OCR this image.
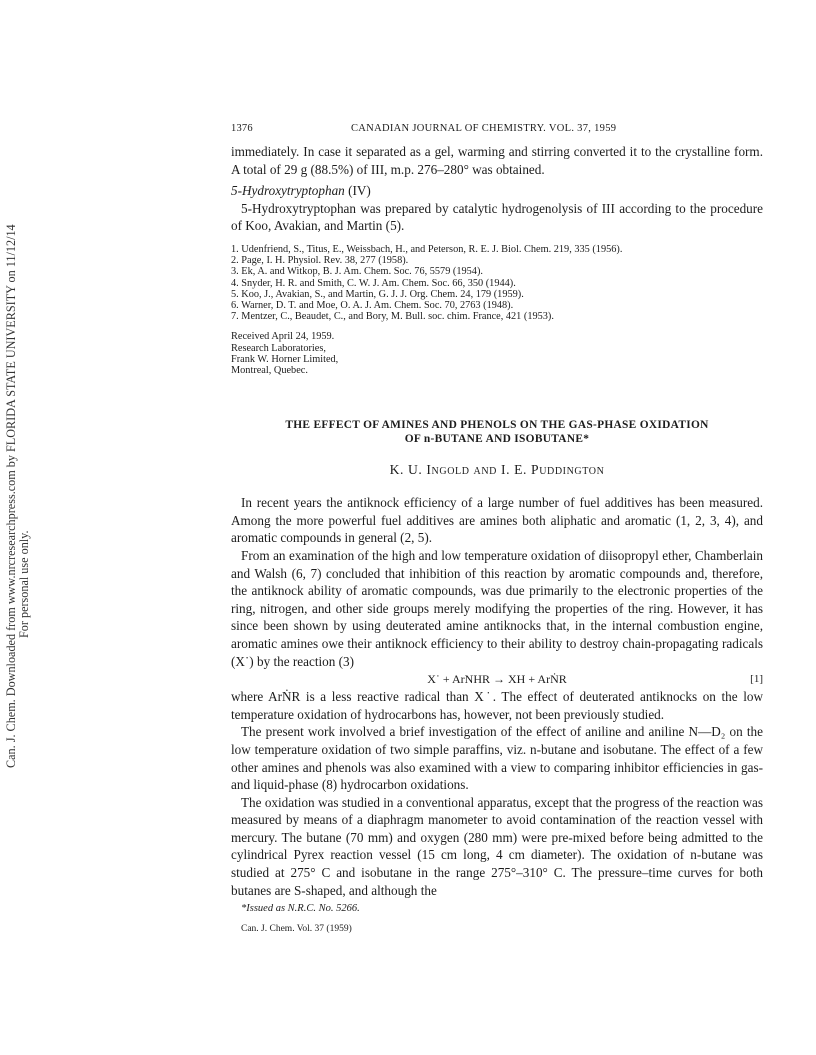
Can. J. Chem. Downloaded from www.nrcresearchpress.com by FLORIDA STATE UNIVERSITY on 11/12/14 For personal use only.
1376	CANADIAN JOURNAL OF CHEMISTRY. VOL. 37, 1959

immediately. In case it separated as a gel, warming and stirring converted it to the crystalline form. A total of 29 g (88.5%) of III, m.p. 276–280° was obtained.

5-Hydroxytryptophan (IV)

5-Hydroxytryptophan was prepared by catalytic hydrogenolysis of III according to the procedure of Koo, Avakian, and Martin (5).

1. Udenfriend, S., Titus, E., Weissbach, H., and Peterson, R. E. J. Biol. Chem. 219, 335 (1956).
2. Page, I. H. Physiol. Rev. 38, 277 (1958).
3. Ek, A. and Witkop, B. J. Am. Chem. Soc. 76, 5579 (1954).
4. Snyder, H. R. and Smith, C. W. J. Am. Chem. Soc. 66, 350 (1944).
5. Koo, J., Avakian, S., and Martin, G. J. J. Org. Chem. 24, 179 (1959).
6. Warner, D. T. and Moe, O. A. J. Am. Chem. Soc. 70, 2763 (1948).
7. Mentzer, C., Beaudet, C., and Bory, M. Bull. soc. chim. France, 421 (1953).
Received April 24, 1959.
Research Laboratories,
Frank W. Horner Limited,
Montreal, Quebec.
THE EFFECT OF AMINES AND PHENOLS ON THE GAS-PHASE OXIDATION
OF n-BUTANE AND ISOBUTANE*
K. U. Ingold and I. E. Puddington

In recent years the antiknock efficiency of a large number of fuel additives has been measured. Among the more powerful fuel additives are amines both aliphatic and aromatic (1, 2, 3, 4), and aromatic compounds in general (2, 5).

From an examination of the high and low temperature oxidation of diisopropyl ether, Chamberlain and Walsh (6, 7) concluded that inhibition of this reaction by aromatic compounds and, therefore, the antiknock ability of aromatic compounds, was due primarily to the electronic properties of the ring, nitrogen, and other side groups merely modifying the properties of the ring. However, it has since been shown by using deuterated amine antiknocks that, in the internal combustion engine, aromatic amines owe their antiknock efficiency to their ability to destroy chain-propagating radicals (X˙) by the reaction (3)

X˙ + ArNHR → XH + ArṄR	[1]

where ArṄR is a less reactive radical than X˙. The effect of deuterated antiknocks on the low temperature oxidation of hydrocarbons has, however, not been previously studied.

The present work involved a brief investigation of the effect of aniline and aniline N—D₂ on the low temperature oxidation of two simple paraffins, viz. n-butane and isobutane. The effect of a few other amines and phenols was also examined with a view to comparing inhibitor efficiencies in gas- and liquid-phase (8) hydrocarbon oxidations.

The oxidation was studied in a conventional apparatus, except that the progress of the reaction was measured by means of a diaphragm manometer to avoid contamination of the reaction vessel with mercury. The butane (70 mm) and oxygen (280 mm) were pre-mixed before being admitted to the cylindrical Pyrex reaction vessel (15 cm long, 4 cm diameter). The oxidation of n-butane was studied at 275° C and isobutane in the range 275°–310° C. The pressure–time curves for both butanes are S-shaped, and although the

*Issued as N.R.C. No. 5266.
Can. J. Chem. Vol. 37 (1959)
